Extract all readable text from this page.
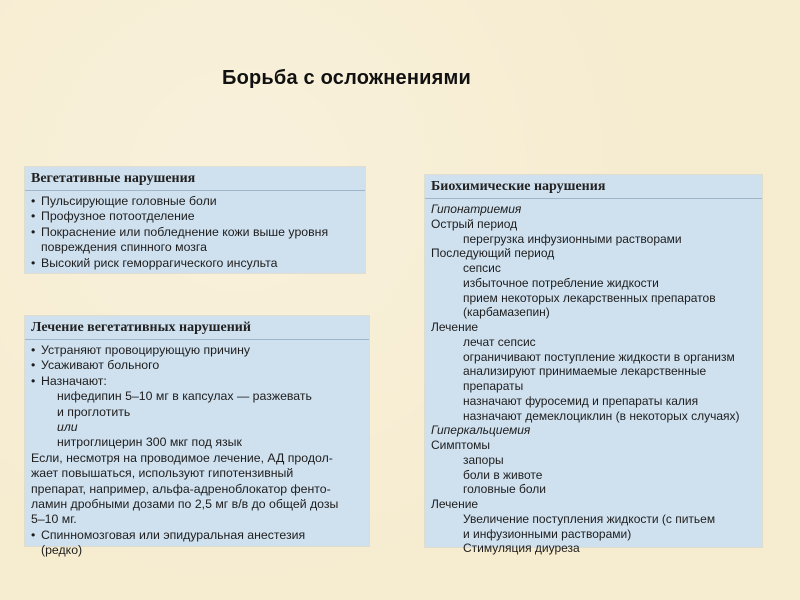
Борьба с осложнениями
Вегетативные нарушения
• Пульсирующие головные боли
• Профузное потоотделение
• Покраснение или побледнение кожи выше уровня
повреждения спинного мозга
• Высокий риск геморрагического инсульта
Лечение вегетативных нарушений
• Устраняют провоцирующую причину
• Усаживают больного
• Назначают:
нифедипин 5–10 мг в капсулах — разжевать
и проглотить
или
нитроглицерин 300 мкг под язык
Если, несмотря на проводимое лечение, АД продол-
жает повышаться, используют гипотензивный
препарат, например, альфа-адреноблокатор фенто-
ламин дробными дозами по 2,5 мг в/в до общей дозы
5–10 мг.
• Спинномозговая или эпидуральная анестезия
(редко)
Биохимические нарушения
Гипонатриемия
Острый период
перегрузка инфузионными растворами
Последующий период
сепсис
избыточное потребление жидкости
прием некоторых лекарственных препаратов
(карбамазепин)
Лечение
лечат сепсис
ограничивают поступление жидкости в организм
анализируют принимаемые лекарственные
препараты
назначают фуросемид и препараты калия
назначают демеклоциклин (в некоторых случаях)
Гиперкальциемия
Симптомы
запоры
боли в животе
головные боли
Лечение
Увеличение поступления жидкости (с питьем
и инфузионными растворами)
Стимуляция диуреза
